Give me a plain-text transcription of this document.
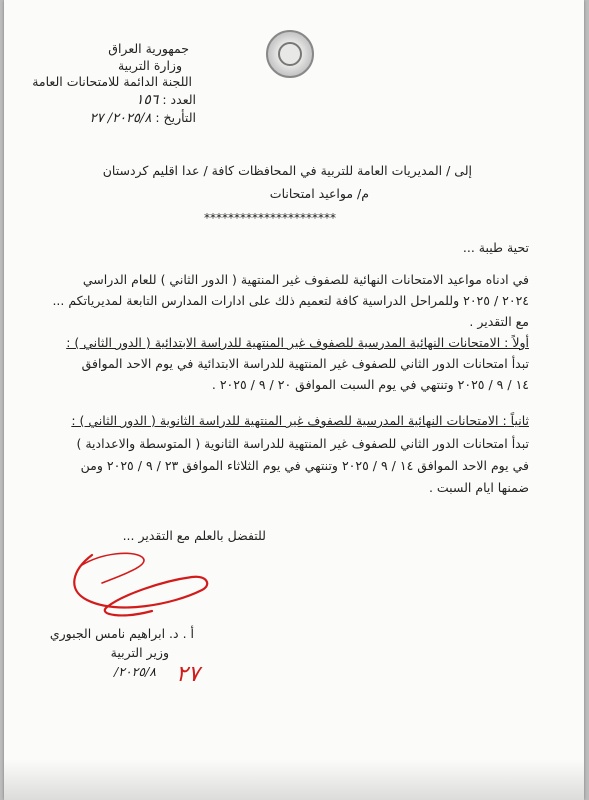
جمهورية العراق
وزارة التربية
اللجنة الدائمة للامتحانات العامة
العدد : ١٥٦
التأريخ : ٢٠٢٥/٨/ ٢٧
إلى / المديريات العامة للتربية في المحافظات كافة / عدا اقليم كردستان
م/ مواعيد امتحانات
**********************
تحية طيبة ...
في ادناه مواعيد الامتحانات النهائية للصفوف غير المنتهية ( الدور الثاني ) للعام الدراسي
٢٠٢٤ / ٢٠٢٥ وللمراحل الدراسية كافة لتعميم ذلك على ادارات المدارس التابعة لمديرياتكم ...
مع التقدير .
أولاً : الامتحانات النهائية المدرسية للصفوف غير المنتهية للدراسة الابتدائية ( الدور الثاني ) :
تبدأ امتحانات الدور الثاني للصفوف غير المنتهية للدراسة الابتدائية في يوم الاحد الموافق
١٤ / ٩ / ٢٠٢٥ وتنتهي في يوم السبت الموافق ٢٠ / ٩ / ٢٠٢٥ .
ثانياً : الامتحانات النهائية المدرسية للصفوف غير المنتهية للدراسة الثانوية ( الدور الثاني ) :
تبدأ امتحانات الدور الثاني للصفوف غير المنتهية للدراسة الثانوية ( المتوسطة والاعدادية )
في يوم الاحد الموافق ١٤ / ٩ / ٢٠٢٥ وتنتهي في يوم الثلاثاء الموافق ٢٣ / ٩ / ٢٠٢٥ ومن
ضمنها ايام السبت .
للتفضل بالعلم مع التقدير ...
أ . د. ابراهيم نامس الجبوري
وزير التربية
٢٠٢٥/٨/ ٢٧
